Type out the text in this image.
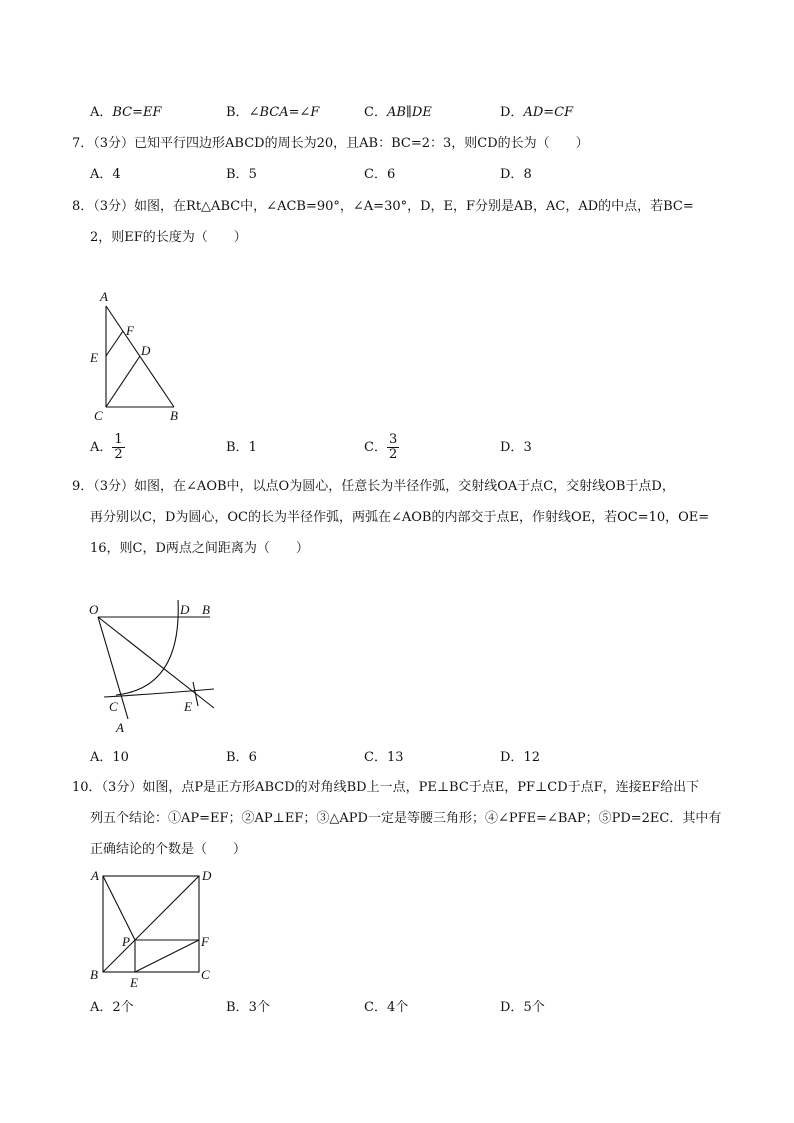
A．BC=EF	B．∠BCA=∠F	C．AB∥DE	D．AD=CF
7．（3分）已知平行四边形ABCD的周长为20，且AB：BC=2：3，则CD的长为（　　）
A．4	B．5	C．6	D．8
8．（3分）如图，在Rt△ABC中，∠ACB=90°，∠A=30°，D，E，F分别是AB，AC，AD的中点，若BC=
2，则EF的长度为（　　）
A
F
D
E
C	B
A． $\frac{1}{2}$	B．1	C． $\frac{3}{2}$	D．3
9．（3分）如图，在∠AOB中，以点O为圆心，任意长为半径作弧，交射线OA于点C，交射线OB于点D，
再分别以C，D为圆心，OC的长为半径作弧，两弧在∠AOB的内部交于点E，作射线OE，若OC=10，OE=
16，则C，D两点之间距离为（　　）
O	D B
C	E
A
A．10	B．6	C．13	D．12
10．（3分）如图，点P是正方形ABCD的对角线BD上一点，PE⊥BC于点E，PF⊥CD于点F，连接EF给出下
列五个结论：①AP=EF；②AP⊥EF；③△APD一定是等腰三角形；④∠PFE=∠BAP；⑤PD=2EC．其中有
正确结论的个数是（　　）
A	D
P	F
B
E
C
A．2个	B．3个	C．4个	D．5个
